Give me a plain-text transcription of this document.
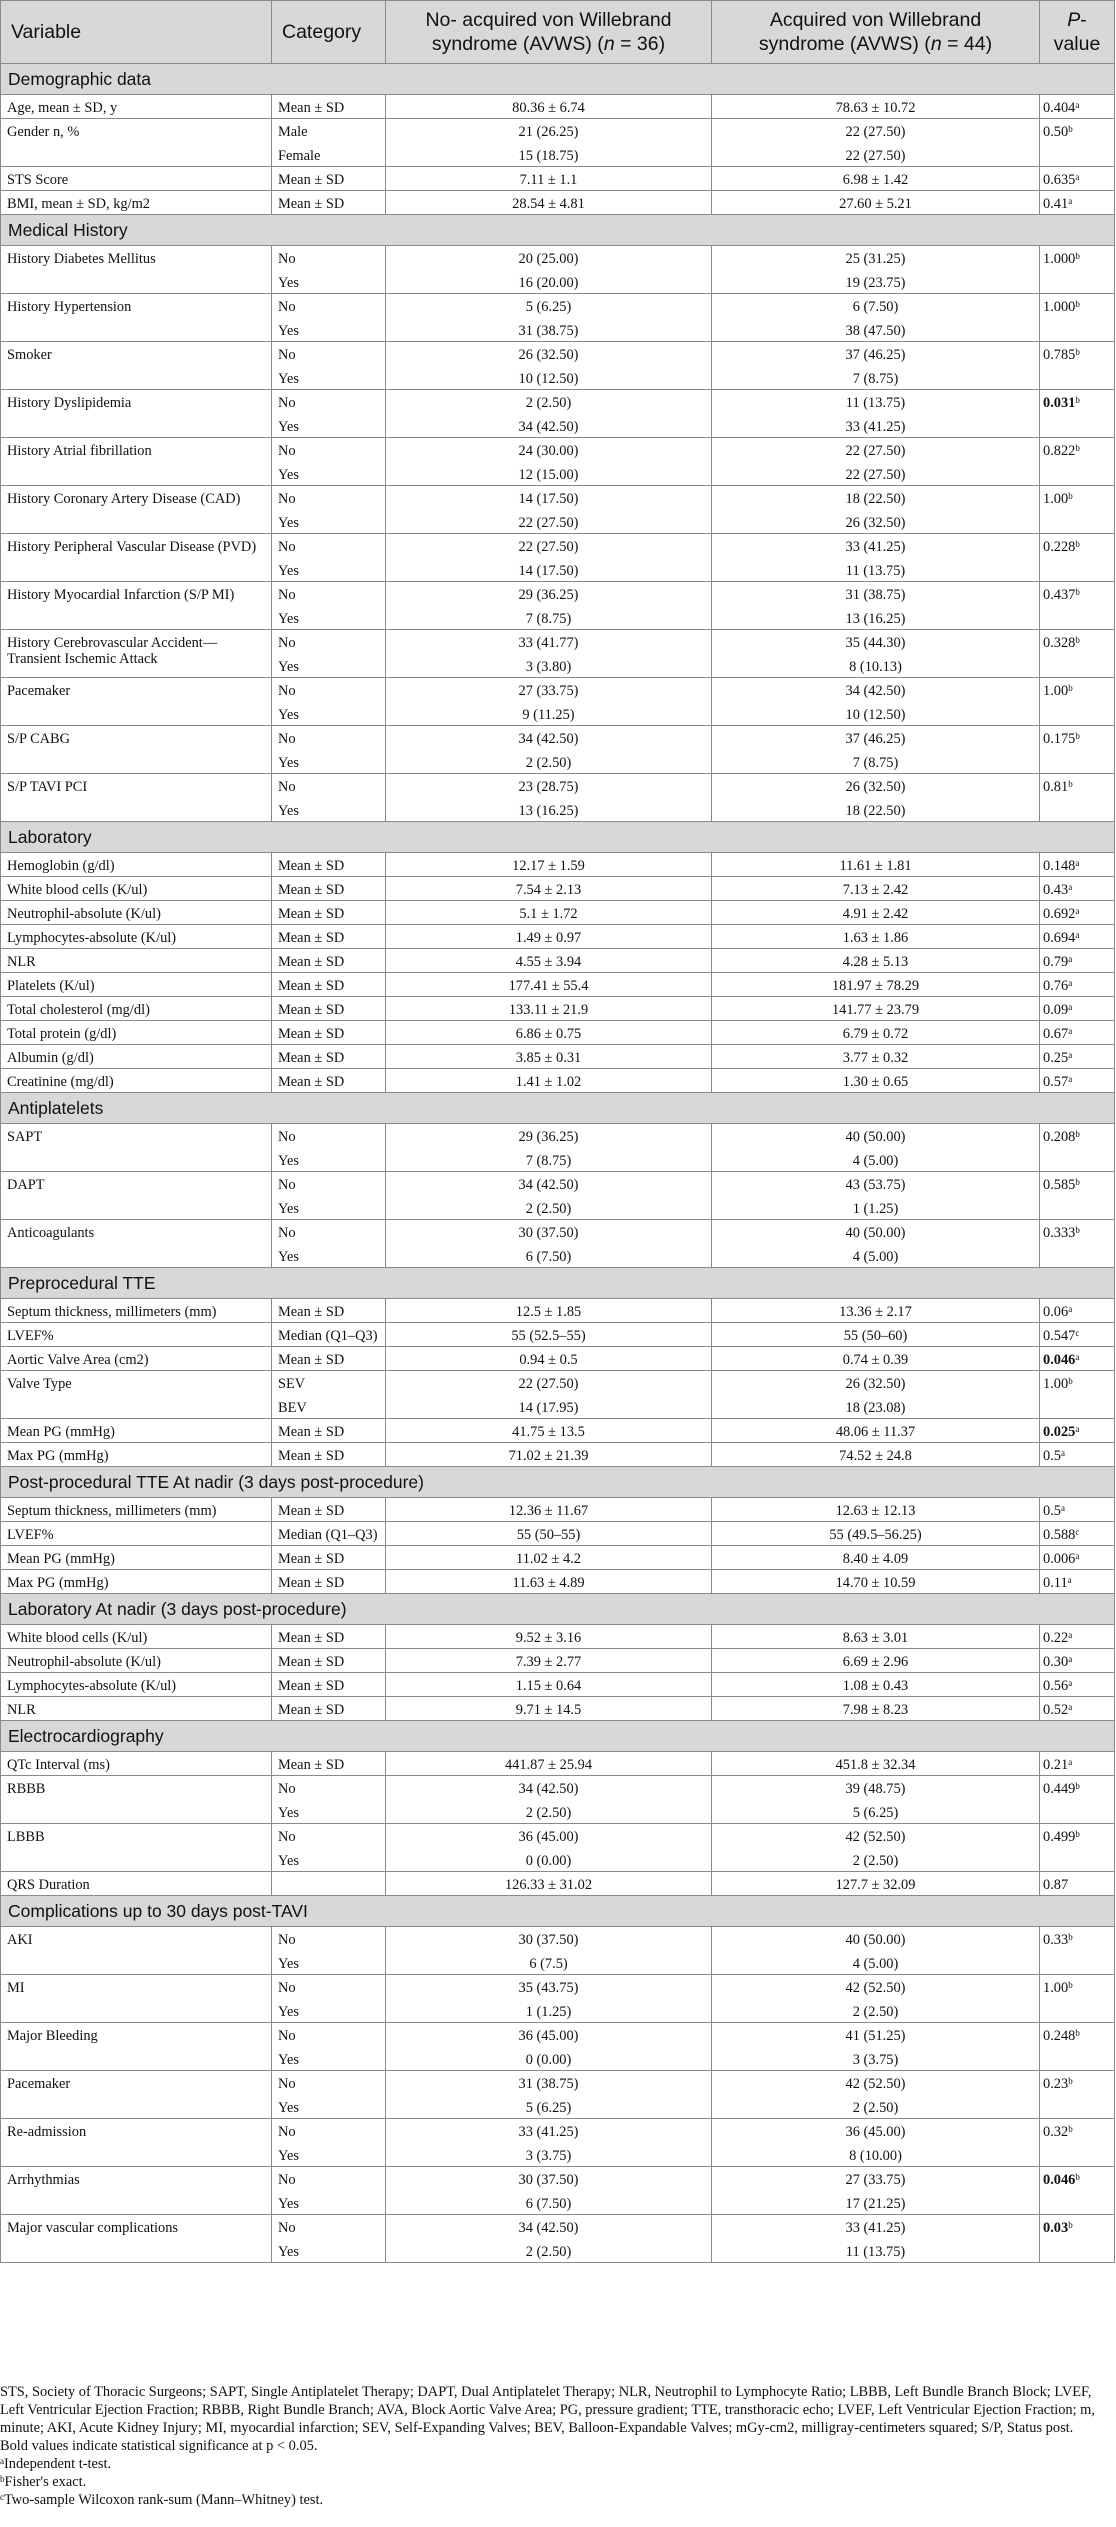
Variable	Category	No- acquired von Willebrand
syndrome (AVWS) (n = 36)	Acquired von Willebrand
syndrome (AVWS) (n = 44)	P-value
Demographic data				
Age, mean ± SD, y	Mean ± SD	80.36 ± 6.74	78.63 ± 10.72	0.404$^a$
Gender n, %	Male	21 (26.25)	22 (27.50)	0.50$^b$
	Female	15 (18.75)	22 (27.50)	
STS Score	Mean ± SD	7.11 ± 1.1	6.98 ± 1.42	0.635$^a$
BMI, mean ± SD, kg/m2	Mean ± SD	28.54 ± 4.81	27.60 ± 5.21	0.41$^a$
Medical History				
History Diabetes Mellitus	No	20 (25.00)	25 (31.25)	1.000$^b$
	Yes	16 (20.00)	19 (23.75)	
History Hypertension	No	5 (6.25)	6 (7.50)	1.000$^b$
	Yes	31 (38.75)	38 (47.50)	
Smoker	No	26 (32.50)	37 (46.25)	0.785$^b$
	Yes	10 (12.50)	7 (8.75)	
History Dyslipidemia	No	2 (2.50)	11 (13.75)	0.031$^b$
	Yes	34 (42.50)	33 (41.25)	
History Atrial fibrillation	No	24 (30.00)	22 (27.50)	0.822$^b$
	Yes	12 (15.00)	22 (27.50)	
History Coronary Artery Disease (CAD)	No	14 (17.50)	18 (22.50)	1.00$^b$
	Yes	22 (27.50)	26 (32.50)	
History Peripheral Vascular Disease (PVD)	No	22 (27.50)	33 (41.25)	0.228$^b$
	Yes	14 (17.50)	11 (13.75)	
History Myocardial Infarction (S/P MI)	No	29 (36.25)	31 (38.75)	0.437$^b$
	Yes	7 (8.75)	13 (16.25)	
History Cerebrovascular Accident—Transient Ischemic Attack	No	33 (41.77)	35 (44.30)	0.328$^b$
	Yes	3 (3.80)	8 (10.13)	
Pacemaker	No	27 (33.75)	34 (42.50)	1.00$^b$
	Yes	9 (11.25)	10 (12.50)	
S/P CABG	No	34 (42.50)	37 (46.25)	0.175$^b$
	Yes	2 (2.50)	7 (8.75)	
S/P TAVI PCI	No	23 (28.75)	26 (32.50)	0.81$^b$
	Yes	13 (16.25)	18 (22.50)	
Laboratory				
Hemoglobin (g/dl)	Mean ± SD	12.17 ± 1.59	11.61 ± 1.81	0.148$^a$
White blood cells (K/ul)	Mean ± SD	7.54 ± 2.13	7.13 ± 2.42	0.43$^a$
Neutrophil-absolute (K/ul)	Mean ± SD	5.1 ± 1.72	4.91 ± 2.42	0.692$^a$
Lymphocytes-absolute (K/ul)	Mean ± SD	1.49 ± 0.97	1.63 ± 1.86	0.694$^a$
NLR	Mean ± SD	4.55 ± 3.94	4.28 ± 5.13	0.79$^a$
Platelets (K/ul)	Mean ± SD	177.41 ± 55.4	181.97 ± 78.29	0.76$^a$
Total cholesterol (mg/dl)	Mean ± SD	133.11 ± 21.9	141.77 ± 23.79	0.09$^a$
Total protein (g/dl)	Mean ± SD	6.86 ± 0.75	6.79 ± 0.72	0.67$^a$
Albumin (g/dl)	Mean ± SD	3.85 ± 0.31	3.77 ± 0.32	0.25$^a$
Creatinine (mg/dl)	Mean ± SD	1.41 ± 1.02	1.30 ± 0.65	0.57$^a$
Antiplatelets				
SAPT	No	29 (36.25)	40 (50.00)	0.208$^b$
	Yes	7 (8.75)	4 (5.00)	
DAPT	No	34 (42.50)	43 (53.75)	0.585$^b$
	Yes	2 (2.50)	1 (1.25)	
Anticoagulants	No	30 (37.50)	40 (50.00)	0.333$^b$
	Yes	6 (7.50)	4 (5.00)	
Preprocedural TTE				
Septum thickness, millimeters (mm)	Mean ± SD	12.5 ± 1.85	13.36 ± 2.17	0.06$^a$
LVEF%	Median (Q1–Q3)	55 (52.5–55)	55 (50–60)	0.547$^c$
Aortic Valve Area (cm2)	Mean ± SD	0.94 ± 0.5	0.74 ± 0.39	0.046$^a$
Valve Type	SEV	22 (27.50)	26 (32.50)	1.00$^b$
	BEV	14 (17.95)	18 (23.08)	
Mean PG (mmHg)	Mean ± SD	41.75 ± 13.5	48.06 ± 11.37	0.025$^a$
Max PG (mmHg)	Mean ± SD	71.02 ± 21.39	74.52 ± 24.8	0.5$^a$
Post-procedural TTE At nadir (3 days post-procedure)				
Septum thickness, millimeters (mm)	Mean ± SD	12.36 ± 11.67	12.63 ± 12.13	0.5$^a$
LVEF%	Median (Q1–Q3)	55 (50–55)	55 (49.5–56.25)	0.588$^c$
Mean PG (mmHg)	Mean ± SD	11.02 ± 4.2	8.40 ± 4.09	0.006$^a$
Max PG (mmHg)	Mean ± SD	11.63 ± 4.89	14.70 ± 10.59	0.11$^a$
Laboratory At nadir (3 days post-procedure)				
White blood cells (K/ul)	Mean ± SD	9.52 ± 3.16	8.63 ± 3.01	0.22$^a$
Neutrophil-absolute (K/ul)	Mean ± SD	7.39 ± 2.77	6.69 ± 2.96	0.30$^a$
Lymphocytes-absolute (K/ul)	Mean ± SD	1.15 ± 0.64	1.08 ± 0.43	0.56$^a$
NLR	Mean ± SD	9.71 ± 14.5	7.98 ± 8.23	0.52$^a$
Electrocardiography				
QTc Interval (ms)	Mean ± SD	441.87 ± 25.94	451.8 ± 32.34	0.21$^a$
RBBB	No	34 (42.50)	39 (48.75)	0.449$^b$
	Yes	2 (2.50)	5 (6.25)	
LBBB	No	36 (45.00)	42 (52.50)	0.499$^b$
	Yes	0 (0.00)	2 (2.50)	
QRS Duration		126.33 ± 31.02	127.7 ± 32.09	0.87
Complications up to 30 days post-TAVI				
AKI	No	30 (37.50)	40 (50.00)	0.33$^b$
	Yes	6 (7.5)	4 (5.00)	
MI	No	35 (43.75)	42 (52.50)	1.00$^b$
	Yes	1 (1.25)	2 (2.50)	
Major Bleeding	No	36 (45.00)	41 (51.25)	0.248$^b$
	Yes	0 (0.00)	3 (3.75)	
Pacemaker	No	31 (38.75)	42 (52.50)	0.23$^b$
	Yes	5 (6.25)	2 (2.50)	
Re-admission	No	33 (41.25)	36 (45.00)	0.32$^b$
	Yes	3 (3.75)	8 (10.00)	
Arrhythmias	No	30 (37.50)	27 (33.75)	0.046$^b$
	Yes	6 (7.50)	17 (21.25)	
Major vascular complications	No	34 (42.50)	33 (41.25)	0.03$^b$
	Yes	2 (2.50)	11 (13.75)	

STS, Society of Thoracic Surgeons; SAPT, Single Antiplatelet Therapy; DAPT, Dual Antiplatelet Therapy; NLR, Neutrophil to Lymphocyte Ratio; LBBB, Left Bundle Branch Block; LVEF, Left Ventricular Ejection Fraction; RBBB, Right Bundle Branch; AVA, Block Aortic Valve Area; PG, pressure gradient; TTE, transthoracic echo; LVEF, Left Ventricular Ejection Fraction; m, minute; AKI, Acute Kidney Injury; MI, myocardial infarction; SEV, Self-Expanding Valves; BEV, Balloon-Expandable Valves; mGy-cm2, milligray-centimeters squared; S/P, Status post.

Bold values indicate statistical significance at p < 0.05.

$^a$Independent t-test.

$^b$Fisher's exact.

$^c$Two-sample Wilcoxon rank-sum (Mann–Whitney) test.
